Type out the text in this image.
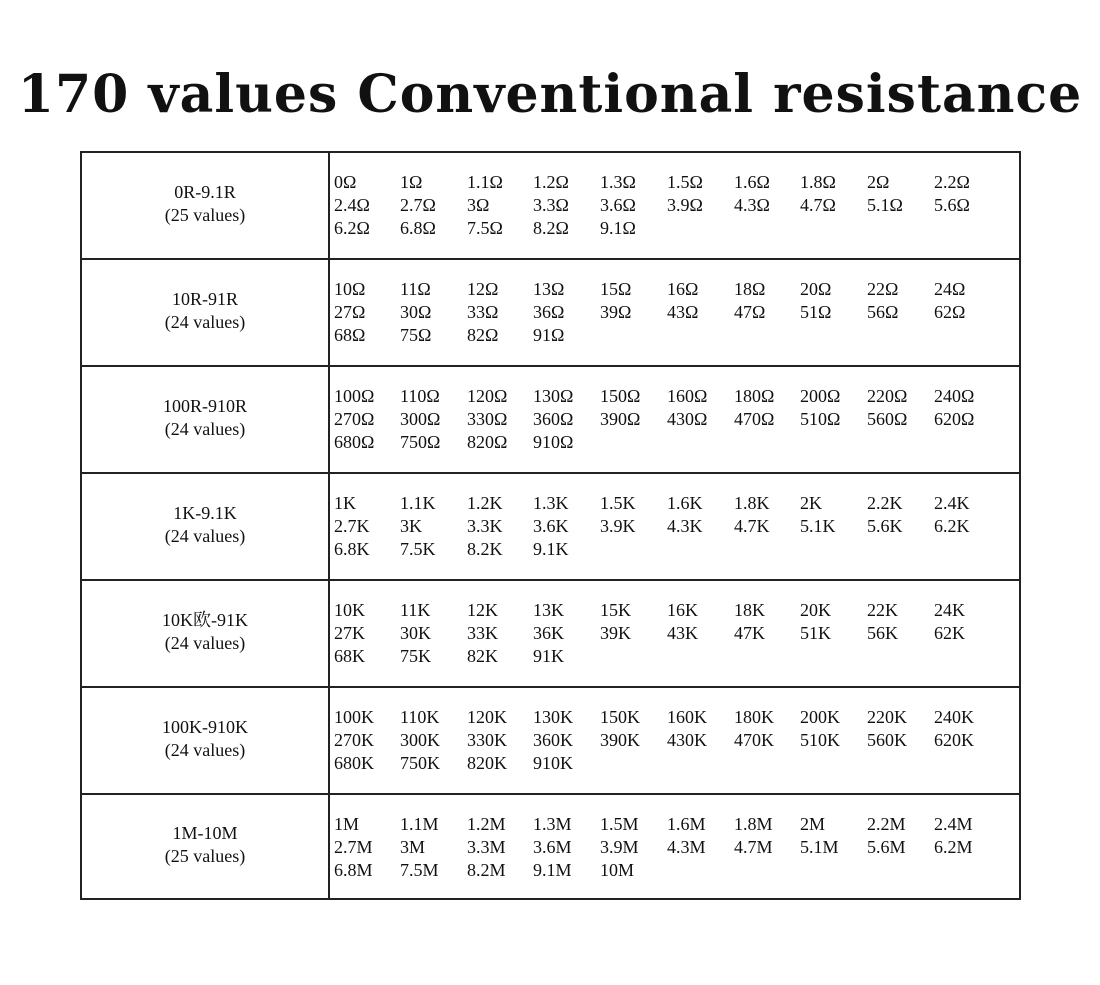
170 values Conventional resistance
0R-9.1R
(25 values)
0Ω 1Ω 1.1Ω 1.2Ω 1.3Ω 1.5Ω 1.6Ω 1.8Ω 2Ω 2.2Ω
2.4Ω 2.7Ω 3Ω 3.3Ω 3.6Ω 3.9Ω 4.3Ω 4.7Ω 5.1Ω 5.6Ω
6.2Ω 6.8Ω 7.5Ω 8.2Ω 9.1Ω
10R-91R
(24 values)
10Ω 11Ω 12Ω 13Ω 15Ω 16Ω 18Ω 20Ω 22Ω 24Ω
27Ω 30Ω 33Ω 36Ω 39Ω 43Ω 47Ω 51Ω 56Ω 62Ω
68Ω 75Ω 82Ω 91Ω
100R-910R
(24 values)
100Ω 110Ω 120Ω 130Ω 150Ω 160Ω 180Ω 200Ω 220Ω 240Ω
270Ω 300Ω 330Ω 360Ω 390Ω 430Ω 470Ω 510Ω 560Ω 620Ω
680Ω 750Ω 820Ω 910Ω
1K-9.1K
(24 values)
1K 1.1K 1.2K 1.3K 1.5K 1.6K 1.8K 2K	2.2K 2.4K
2.7K 3K	3.3K 3.6K 3.9K 4.3K 4.7K 5.1K 5.6K 6.2K
6.8K 7.5K 8.2K 9.1K
10K欧-91K
(24 values)
10K 11K 12K 13K 15K 16K 18K 20K 22K 24K
27K 30K 33K 36K 39K 43K 47K 51K 56K 62K
68K 75K 82K 91K
100K-910K
(24 values)
100K 110K 120K 130K 150K 160K 180K 200K 220K 240K
270K 300K 330K 360K 390K 430K 470K 510K 560K 620K
680K 750K 820K 910K
1M-10M
(25 values)
1M 1.1M 1.2M 1.3M 1.5M 1.6M 1.8M 2M 2.2M 2.4M
2.7M 3M 3.3M 3.6M 3.9M 4.3M 4.7M 5.1M 5.6M 6.2M
6.8M 7.5M 8.2M 9.1M 10M
